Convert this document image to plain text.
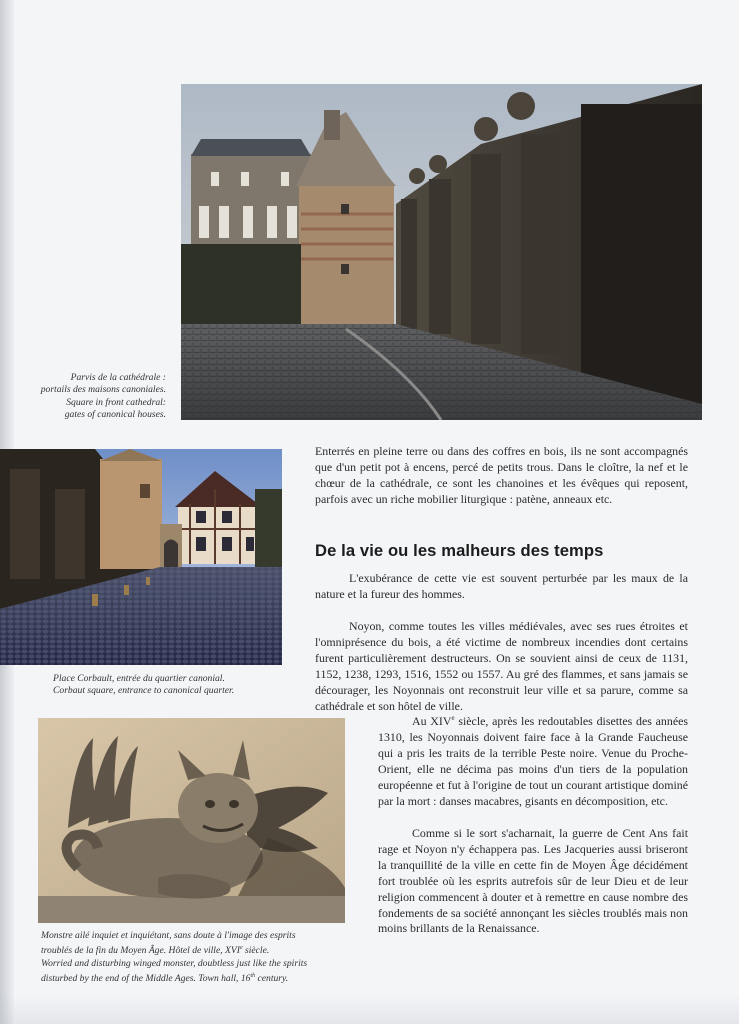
Parvis de la cathédrale :
portails des maisons canoniales.
Square in front cathedral:
gates of canonical houses.
Place Corbault, entrée du quartier canonial.
Corbaut square, entrance to canonical quarter.
Monstre ailé inquiet et inquiétant, sans doute à l'image des esprits
troublés de la fin du Moyen Âge. Hôtel de ville, XVIe siècle.
Worried and disturbing winged monster, doubtless just like the spirits
disturbed by the end of the Middle Ages. Town hall, 16th century.

Enterrés en pleine terre ou dans des coffres en bois, ils ne sont accompagnés que d'un petit pot à encens, percé de petits trous. Dans le cloître, la nef et le chœur de la cathédrale, ce sont les chanoines et les évêques qui reposent, parfois avec un riche mobilier liturgique : patène, anneaux etc.

De la vie ou les malheurs des temps

L'exubérance de cette vie est souvent perturbée par les maux de la nature et la fureur des hommes.

Noyon, comme toutes les villes médiévales, avec ses rues étroites et l'omniprésence du bois, a été victime de nombreux incendies dont certains furent particulièrement destructeurs. On se souvient ainsi de ceux de 1131, 1152, 1238, 1293, 1516, 1552 ou 1557. Au gré des flammes, et sans jamais se décourager, les Noyonnais ont reconstruit leur ville et sa parure, comme sa cathédrale et son hôtel de ville.

Au XIVe siècle, après les redoutables disettes des années 1310, les Noyonnais doivent faire face à la Grande Faucheuse qui a pris les traits de la terrible Peste noire. Venue du Proche-Orient, elle ne décima pas moins d'un tiers de la population européenne et fut à l'origine de tout un courant artistique dominé par la mort : danses macabres, gisants en décomposition, etc.

Comme si le sort s'acharnait, la guerre de Cent Ans fait rage et Noyon n'y échappera pas. Les Jacqueries aussi briseront la tranquillité de la ville en cette fin de Moyen Âge décidément fort troublée où les esprits autrefois sûr de leur Dieu et de leur religion commencent à douter et à remettre en cause nombre des fondements de sa société annonçant les siècles troublés mais non moins brillants de la Renaissance.
